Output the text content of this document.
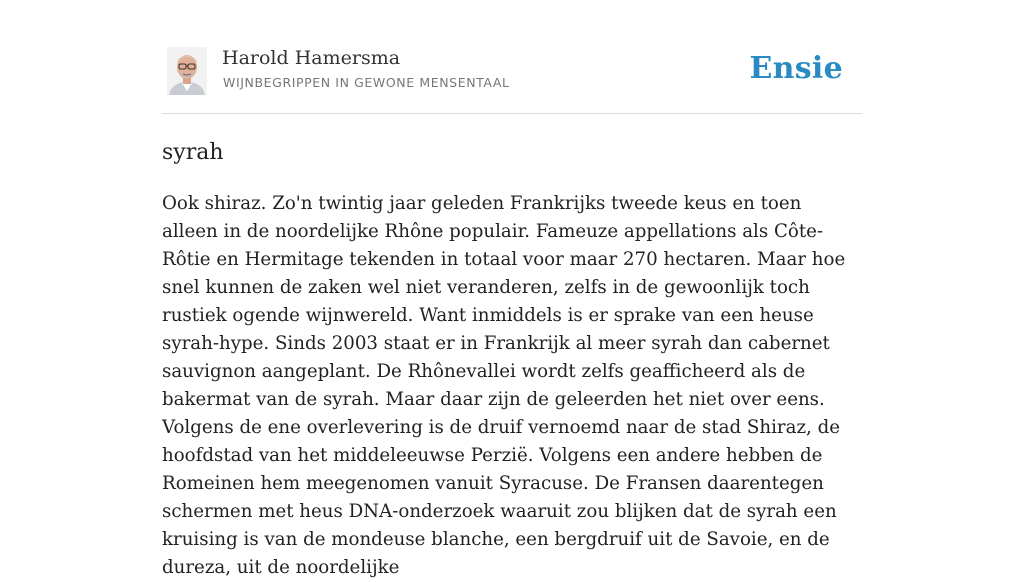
Harold Hamersma
WIJNBEGRIPPEN IN GEWONE MENSENTAAL	Ensie
syrah

Ook shiraz. Zo'n twintig jaar geleden Frankrijks tweede keus en toen alleen in de noordelijke Rhône populair. Fameuze appellations als Côte-Rôtie en Hermitage tekenden in totaal voor maar 270 hectaren. Maar hoe snel kunnen de zaken wel niet veranderen, zelfs in de gewoonlijk toch rustiek ogende wijnwereld. Want inmiddels is er sprake van een heuse syrah-hype. Sinds 2003 staat er in Frankrijk al meer syrah dan cabernet sauvignon aangeplant. De Rhônevallei wordt zelfs geafficheerd als de bakermat van de syrah. Maar daar zijn de geleerden het niet over eens. Volgens de ene overlevering is de druif vernoemd naar de stad Shiraz, de hoofdstad van het middeleeuwse Perzië. Volgens een andere hebben de Romeinen hem meegenomen vanuit Syracuse. De Fransen daarentegen schermen met heus DNA-onderzoek waaruit zou blijken dat de syrah een kruising is van de mondeuse blanche, een bergdruif uit de Savoie, en de dureza, uit de noordelijke
